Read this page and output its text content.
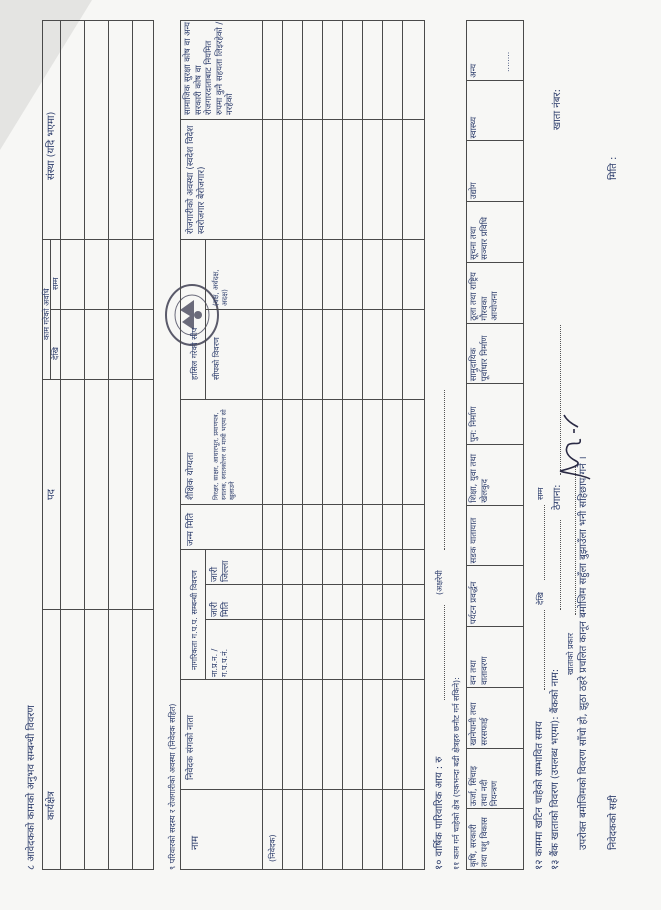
८ आवेदकको कामको अनुभव सम्बन्धी विवरण कार्यक्षेत्र
पद
काम गरेको अवधि
देखि
सम्म
संस्था (यदि भएमा)
९ परिवारको सदस्य र रोजगारीको अवस्था (निवेदक सहित) नाम
निवेदक संगको नाता
नागरिकता ग.प.प. सम्बन्धी विवरण ना.प्र.न. / ग.प.प.नं.
जारी मिति
जारी जिल्ला
जन्म मिति
शैक्षिक योग्यता निरक्षर, साक्षर, आधारभूत, प्रमाणपत्र, स्नातक, स्नातकोत्तर वा माथी भएमा सो खुलाउने
हासिल गरेको सीप सीपको विवरण
(दक्ष, अर्धदक्ष, अदक्ष)
रोजगारीको अवस्था (स्वदेश विदेश स्वरोजगार बेरोजगार)
सामाजिक सुरक्षा कोष वा अन्य सरकारी कोष वा रोजगारदाताबाट नियमित रुपमा कुनै सहयता लिइरहेको / नरहेको
(निवेदक)	१० वार्षिक पारिवारिक आय : रु
(अक्षरेपी
११ काम गर्न चाहेको क्षेत्र (एकभन्दा बढी क्षेत्रहरु छनौट गर्न सकिने): कृषि, सरकारी तथा पशु विकास
ऊर्जा, सिंचाइ तथा नदी नियन्त्रण
खानेपानी तथा सरसफाई
वन तथा वातावरण
पर्यटन प्रवर्द्धन
सडक यातायात
शिक्षा, युवा तथा खेलकुद
पुन: निर्माण
सामुदायिक पूर्वाधार निर्माण
ठूला तथा राष्ट्रिय गौरवका आयोजना
सूचना तथा सञ्चार प्रविधि
उद्योग
स्वास्थ्य
अन्य	........
१२ काममा खटिन चाहेको सम्भावित समय
देखि
सम्म
१३ बैंक खाताको विवरण (उपलब्ध भएमा): बैंकको नाम:
ठेगाना:
खाता नंबर:
खाताको प्रकार उपरोक्त बमोजिमको विवरण साँचो हो, झुठा ठहरे प्रचलित कानून बमोजिम सहुँला बुझाउँला भनी सहिछाप गर्ने । निवेदकको सही
मिति :
